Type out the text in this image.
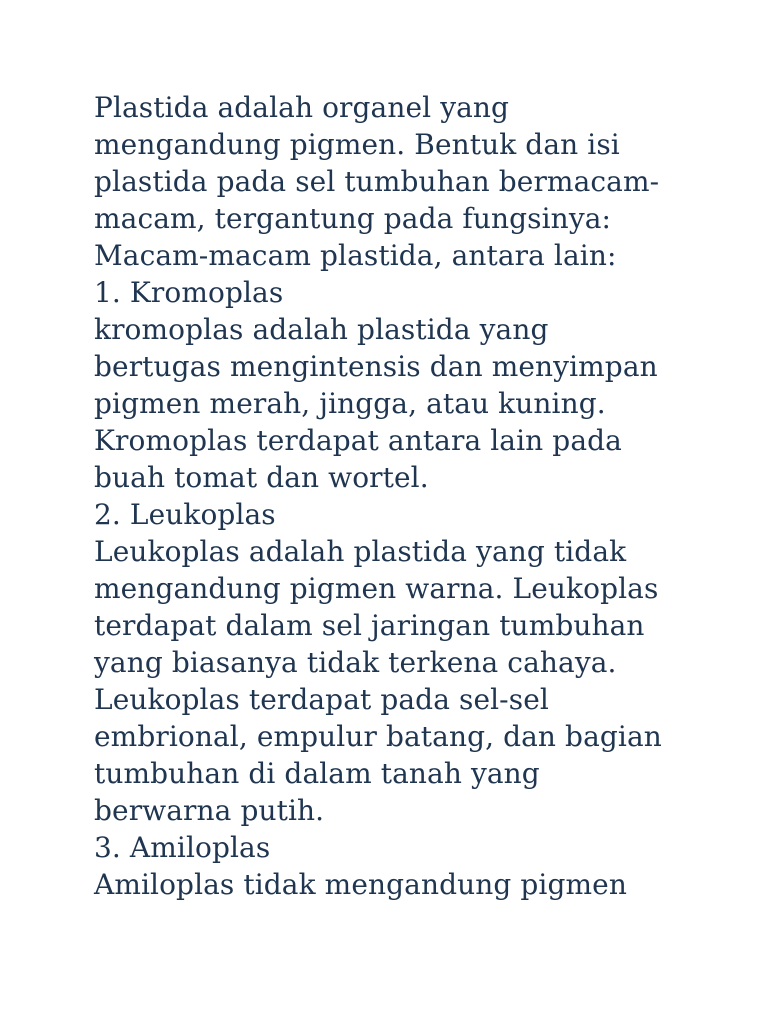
Plastida adalah organel yang
mengandung pigmen. Bentuk dan isi
plastida pada sel tumbuhan bermacam-
macam, tergantung pada fungsinya:
Macam-macam plastida, antara lain:
1. Kromoplas
kromoplas adalah plastida yang
bertugas mengintensis dan menyimpan
pigmen merah, jingga, atau kuning.
Kromoplas terdapat antara lain pada
buah tomat dan wortel.
2. Leukoplas
Leukoplas adalah plastida yang tidak
mengandung pigmen warna. Leukoplas
terdapat dalam sel jaringan tumbuhan
yang biasanya tidak terkena cahaya.
Leukoplas terdapat pada sel-sel
embrional, empulur batang, dan bagian
tumbuhan di dalam tanah yang
berwarna putih.
3. Amiloplas
Amiloplas tidak mengandung pigmen
